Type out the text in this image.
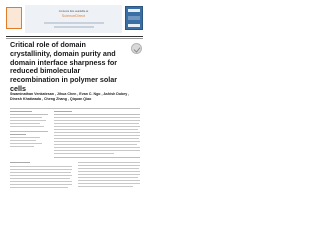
Contents lists available at
ScienceDirect
Critical role of domain crystallinity, domain purity and domain interface sharpness for reduced bimolecular recombination in polymer solar cells
Swaminathan Venkatesan , Jihua Chen , Evan C. Ngo , Ashish Dubey , Dinesh Khatiwada , Cheng Zhang , Qiquan Qiao
